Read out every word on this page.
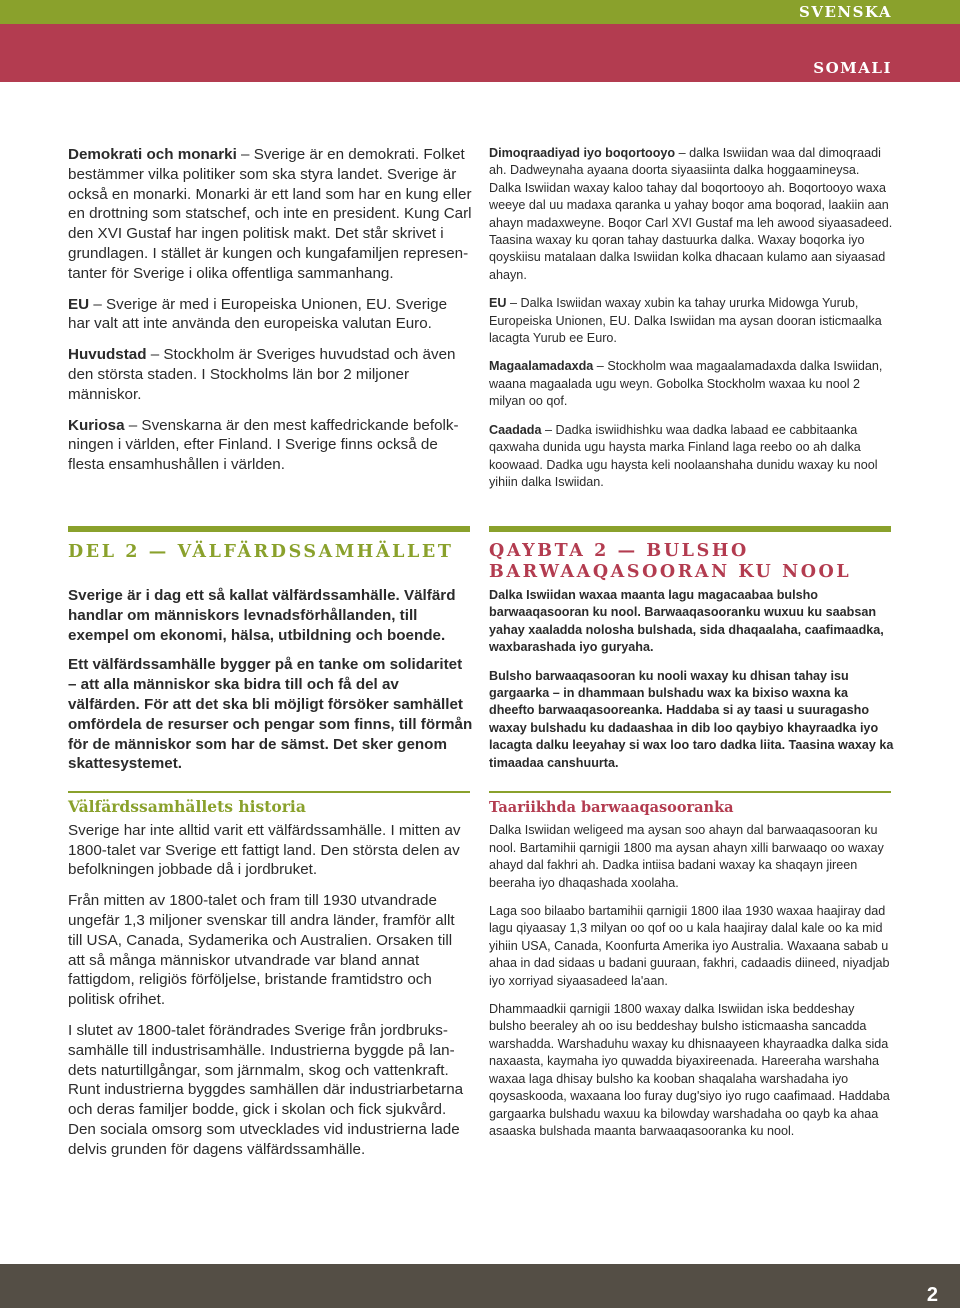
SVENSKA
SOMALI

Demokrati och monarki – Sverige är en demokrati. Folket bestämmer vilka politiker som ska styra landet. Sverige är också en monarki. Monarki är ett land som har en kung eller en drottning som statschef, och inte en president. Kung Carl den XVI Gustaf har ingen politisk makt. Det står skrivet i grundlagen. I stället är kungen och kungafamiljen representanter för Sverige i olika offentliga sammanhang.

EU – Sverige är med i Europeiska Unionen, EU. Sverige har valt att inte använda den europeiska valutan Euro.

Huvudstad – Stockholm är Sveriges huvudstad och även den största staden. I Stockholms län bor 2 miljoner människor.

Kuriosa – Svenskarna är den mest kaffedrickande befolkningen i världen, efter Finland. I Sverige finns också de flesta ensamhushållen i världen.

Dimoqraadiyad iyo boqortooyo – dalka Iswiidan waa dal dimoqraadi ah. Dadweynaha ayaana doorta siyaasiinta dalka hoggaamineysa. Dalka Iswiidan waxay kaloo tahay dal boqortooyo ah. Boqortooyo waxa weeye dal uu madaxa qaranka u yahay boqor ama boqorad, laakiin aan ahayn madaxweyne. Boqor Carl XVI Gustaf ma leh awood siyaasadeed. Taasina waxay ku qoran tahay dastuurka dalka. Waxay boqorka iyo qoyskiisu matalaan dalka Iswiidan kolka dhacaan kulamo aan siyaasad ahayn.

EU – Dalka Iswiidan waxay xubin ka tahay ururka Midowga Yurub, Europeiska Unionen, EU. Dalka Iswiidan ma aysan dooran isticmaalka lacagta Yurub ee Euro.

Magaalamadaxda – Stockholm waa magaalamadaxda dalka Iswiidan, waana magaalada ugu weyn. Gobolka Stockholm waxaa ku nool 2 milyan oo qof.

Caadada – Dadka iswiidhishku waa dadka labaad ee cabbitaanka qaxwaha dunida ugu haysta marka Finland laga reebo oo ah dalka koowaad. Dadka ugu haysta keli noolaanshaha dunidu waxay ku nool yihiin dalka Iswiidan.

DEL 2 — VÄLFÄRDSSAMHÄLLET	QAYBTA 2 — BULSHO BARWAAQASOORAN KU NOOL

Sverige är i dag ett så kallat välfärdssamhälle. Välfärd handlar om människors levnadsförhållanden, till exempel om ekonomi, hälsa, utbildning och boende.

Ett välfärdssamhälle bygger på en tanke om solidaritet – att alla människor ska bidra till och få del av välfärden. För att det ska bli möjligt försöker samhället omfördela de resurser och pengar som finns, till förmån för de människor som har de sämst. Det sker genom skattesystemet.

Dalka Iswiidan waxaa maanta lagu magacaabaa bulsho barwaaqasooran ku nool. Barwaaqasooranku wuxuu ku saabsan yahay xaaladda nolosha bulshada, sida dhaqaalaha, caafimaadka, waxbarashada iyo guryaha.

Bulsho barwaaqasooran ku nooli waxay ku dhisan tahay isu gargaarka – in dhammaan bulshadu wax ka bixiso waxna ka dheefto barwaaqasooreanka. Haddaba si ay taasi u suuragasho waxay bulshadu ku dadaashaa in dib loo qaybiyo khayraadka iyo lacagta dalku leeyahay si wax loo taro dadka liita. Taasina waxay ka timaadaa canshuurta.

Välfärdssamhällets historia

Sverige har inte alltid varit ett välfärdssamhälle. I mitten av 1800-talet var Sverige ett fattigt land. Den största delen av befolkningen jobbade då i jordbruket.

Från mitten av 1800-talet och fram till 1930 utvandrade ungefär 1,3 miljoner svenskar till andra länder, framför allt till USA, Canada, Sydamerika och Australien. Orsaken till att så många människor utvandrade var bland annat fattigdom, religiös förföljelse, bristande framtidstro och politisk ofrihet.

I slutet av 1800-talet förändrades Sverige från jordbrukssamhälle till industrisamhälle. Industrierna byggde på landets naturtillgångar, som järnmalm, skog och vattenkraft. Runt industrierna byggdes samhällen där industriarbetarna och deras familjer bodde, gick i skolan och fick sjukvård. Den sociala omsorg som utvecklades vid industrierna lade delvis grunden för dagens välfärdssamhälle.

Taariikhda barwaaqasooranka

Dalka Iswiidan weligeed ma aysan soo ahayn dal barwaaqasooran ku nool. Bartamihii qarnigii 1800 ma aysan ahayn xilli barwaaqo oo waxay ahayd dal fakhri ah. Dadka intiisa badani waxay ka shaqayn jireen beeraha iyo dhaqashada xoolaha.

Laga soo bilaabo bartamihii qarnigii 1800 ilaa 1930 waxaa haajiray dad lagu qiyaasay 1,3 milyan oo qof oo u kala haajiray dalal kale oo ka mid yihiin USA, Canada, Koonfurta Amerika iyo Australia. Waxaana sabab u ahaa in dad sidaas u badani guuraan, fakhri, cadaadis diineed, niyadjab iyo xorriyad siyaasadeed la'aan.

Dhammaadkii qarnigii 1800 waxay dalka Iswiidan iska beddeshay bulsho beeraley ah oo isu beddeshay bulsho isticmaasha sancadda warshadda. Warshaduhu waxay ku dhisnaayeen khayraadka dalka sida naxaasta, kaymaha iyo quwadda biyaxireenada. Hareeraha warshaha waxaa laga dhisay bulsho ka kooban shaqalaha warshadaha iyo qoysaskooda, waxaana loo furay dug'siyo iyo rugo caafimaad. Haddaba gargaarka bulshadu waxuu ka bilowday warshadaha oo qayb ka ahaa asaaska bulshada maanta barwaaqasooranka ku nool.

2
